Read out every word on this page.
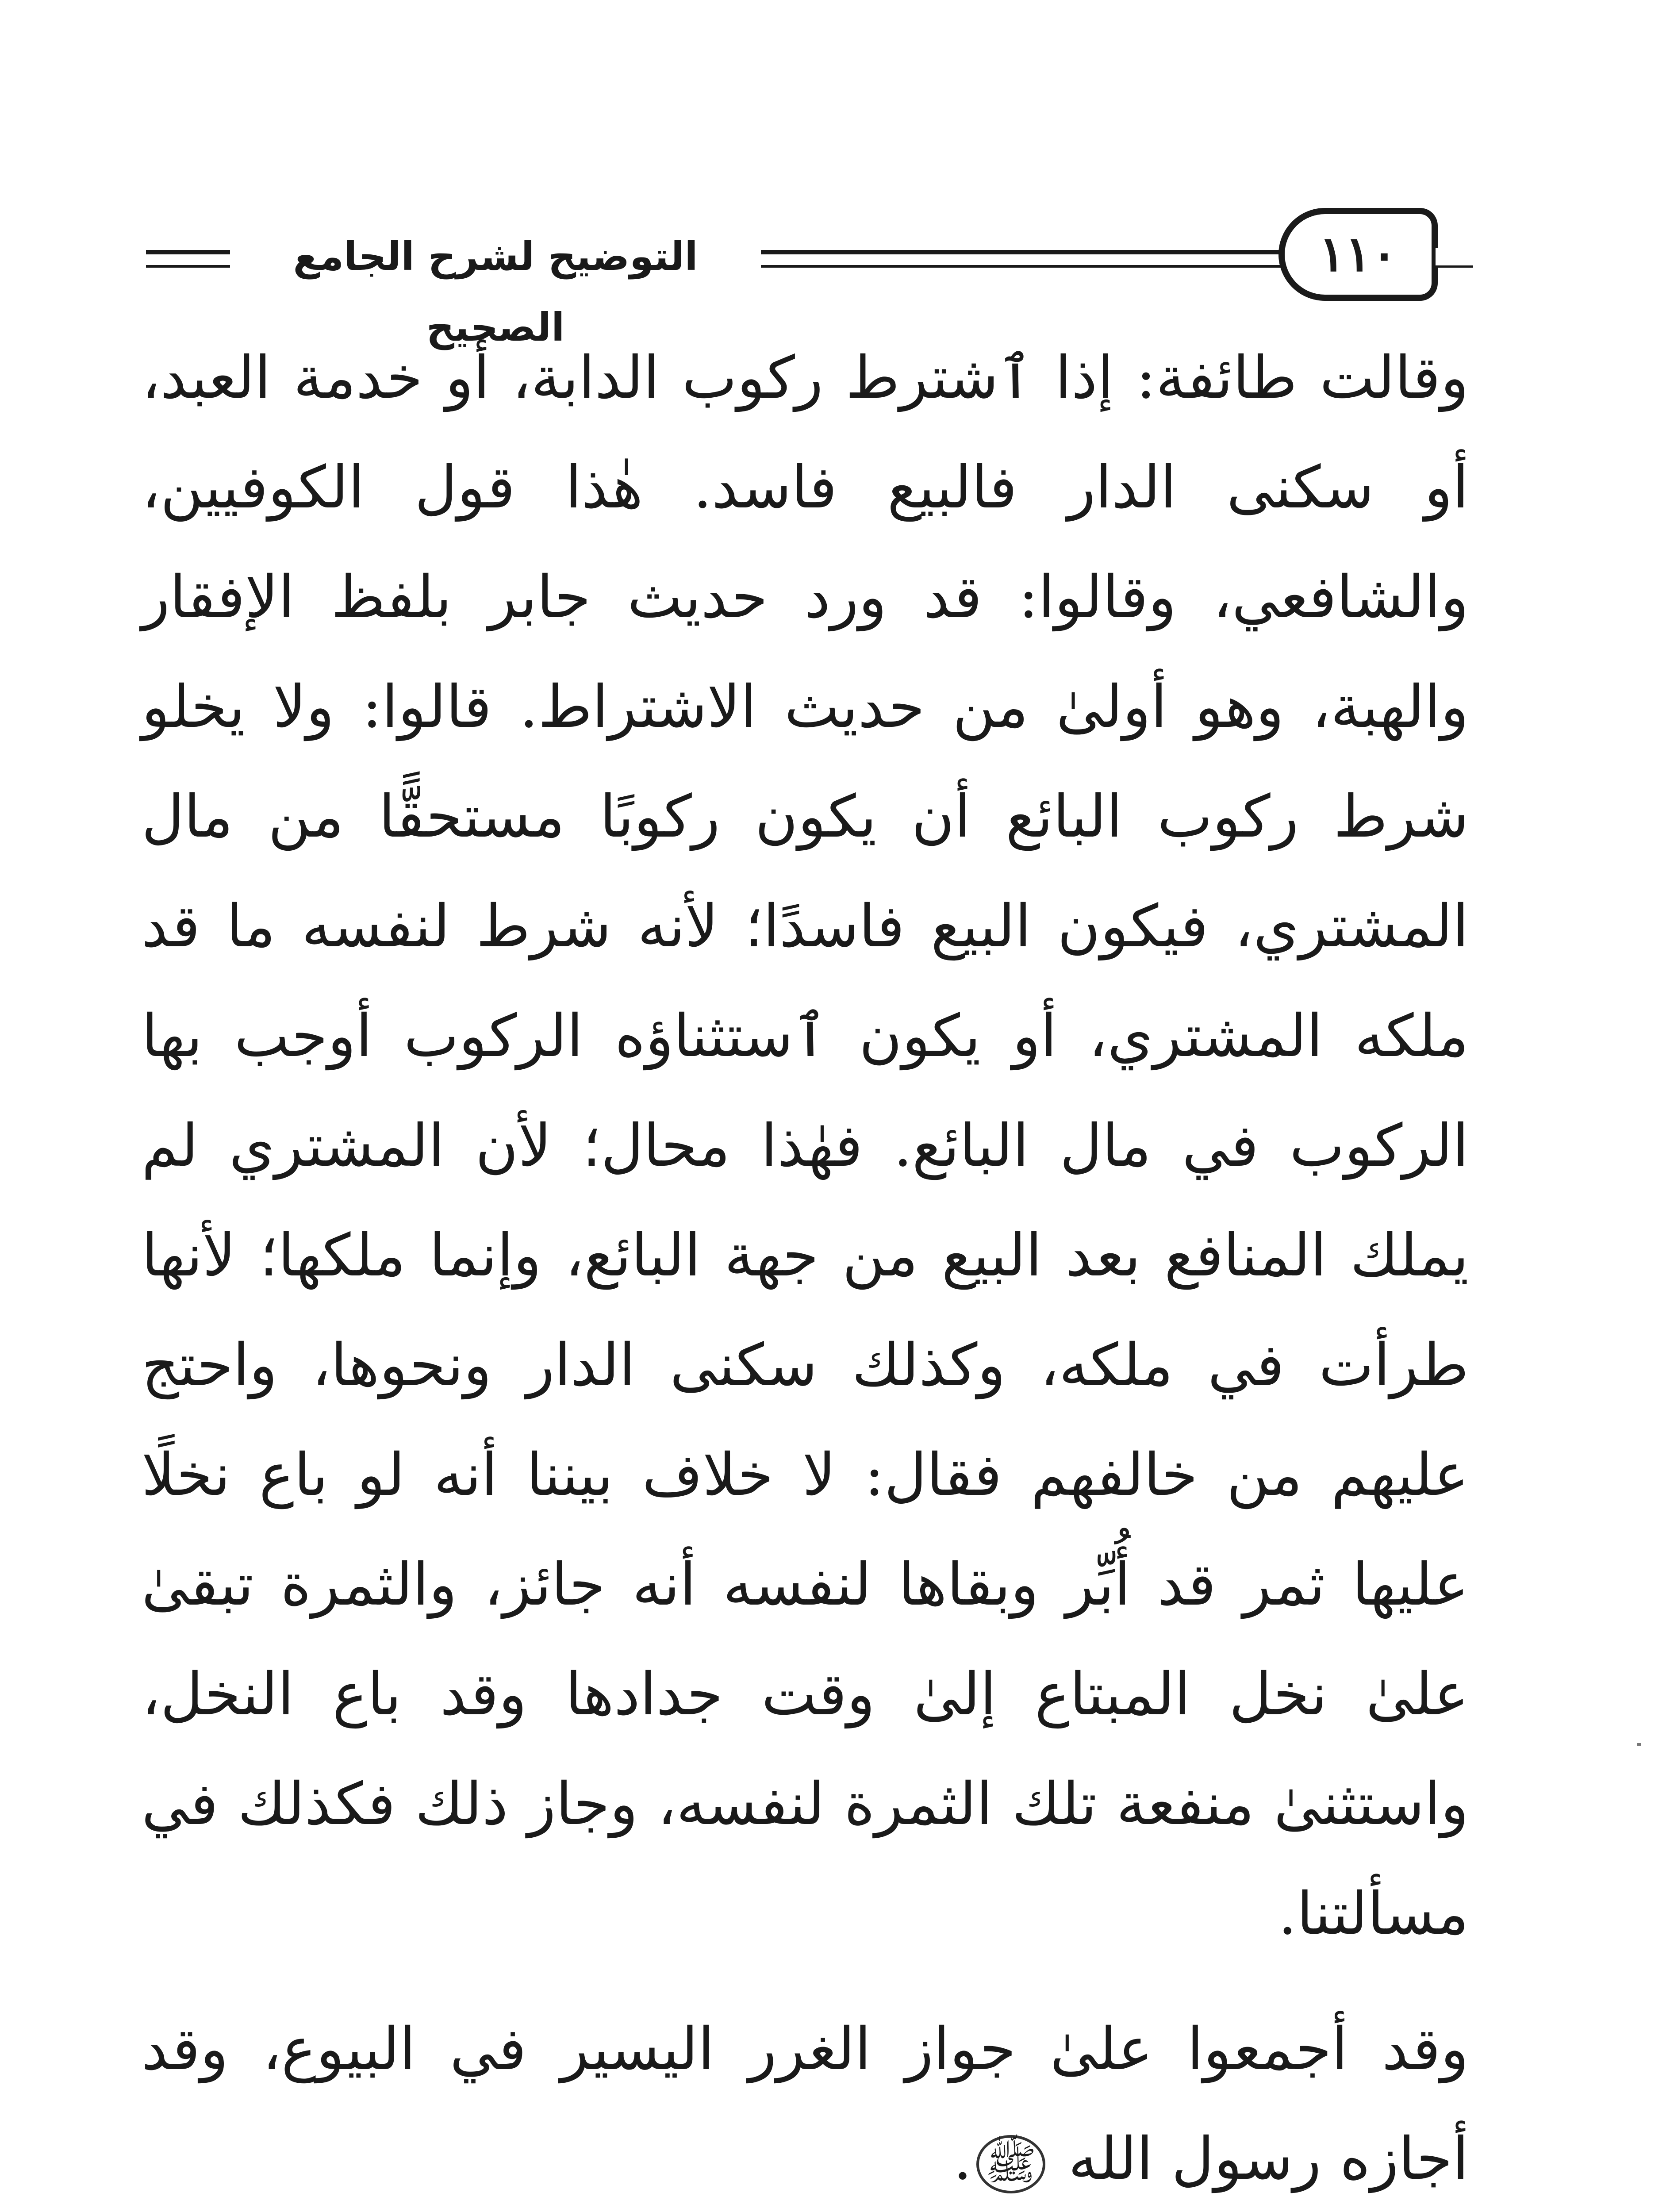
التوضيح لشرح الجامع الصحيح
١١٠

وقالت طائفة: إذا ٱشترط ركوب الدابة، أو خدمة العبد، أو سكنى الدار فالبيع فاسد. هٰذا قول الكوفيين، والشافعي، وقالوا: قد ورد حديث جابر بلفظ الإفقار والهبة، وهو أولىٰ من حديث الاشتراط. قالوا: ولا يخلو شرط ركوب البائع أن يكون ركوبًا مستحقًّا من مال المشتري، فيكون البيع فاسدًا؛ لأنه شرط لنفسه ما قد ملكه المشتري، أو يكون ٱستثناؤه الركوب أوجب بها الركوب في مال البائع. فهٰذا محال؛ لأن المشتري لم يملك المنافع بعد البيع من جهة البائع، وإنما ملكها؛ لأنها طرأت في ملكه، وكذلك سكنى الدار ونحوها، واحتج عليهم من خالفهم فقال: لا خلاف بيننا أنه لو باع نخلًا عليها ثمر قد أُبِّر وبقاها لنفسه أنه جائز، والثمرة تبقىٰ علىٰ نخل المبتاع إلىٰ وقت جدادها وقد باع النخل، واستثنىٰ منفعة تلك الثمرة لنفسه، وجاز ذلك فكذلك في مسألتنا.

وقد أجمعوا علىٰ جواز الغرر اليسير في البيوع، وقد أجازه رسول الله ﷺ.
